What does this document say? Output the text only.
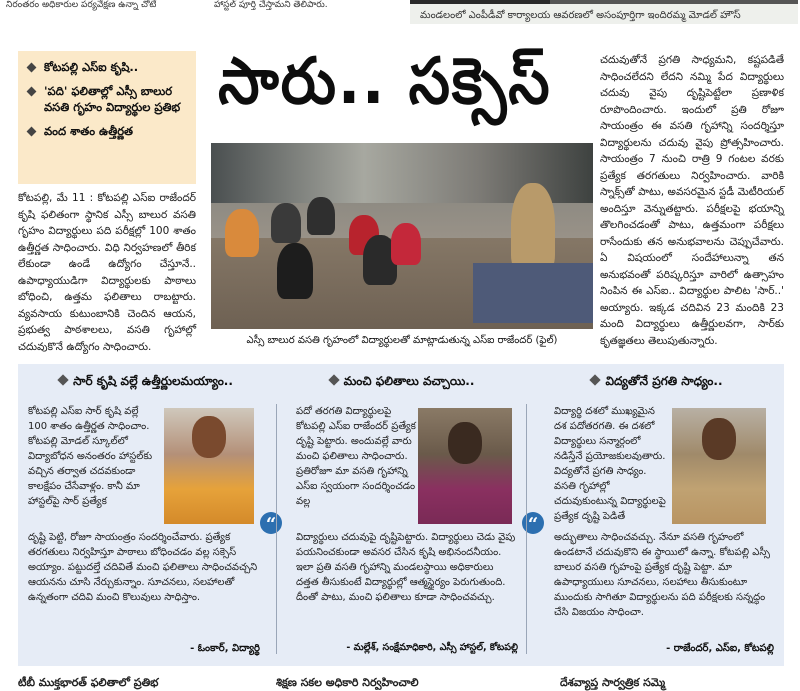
నిరంతరం అధికారుల పర్యవేక్షణ ఉన్నా చోటే	హాస్టల్ పూర్తి చేస్తామని తెలిపారు.
మండలంలో ఎంపీడీవో కార్యాలయ ఆవరణలో అసంపూర్తిగా ఇందిరమ్మ మోడల్ హౌస్
కోటపల్లి ఎస్‌ఐ కృషి..
'పది' ఫలితాల్లో ఎస్సీ బాలుర వసతి గృహం విద్యార్థుల ప్రతిభ
వంద శాతం ఉత్తీర్ణత
కోటపల్లి, మే 11 : కోటపల్లి ఎస్‌ఐ రాజేందర్ కృషి ఫలితంగా స్థానిక ఎస్సీ బాలుర వసతి గృహం విద్యార్థులు పది పరీక్షల్లో 100 శాతం ఉత్తీర్ణత సాధించారు. విధి నిర్వహణలో తీరిక లేకుండా ఉండే ఉద్యోగం చేస్తూనే.. ఉపాధ్యాయుడిగా విద్యార్థులకు పాఠాలు బోధించి, ఉత్తమ ఫలితాలు రాబట్టారు. వ్యవసాయ కుటుంబానికి చెందిన ఆయన, ప్రభుత్వ పాఠశాలలు, వసతి గృహాల్లో చదువుకొనే ఉద్యోగం సాధించారు.
సారు.. సక్సెస్
ఎస్సీ బాలుర వసతి గృహంలో విద్యార్థులతో మాట్లాడుతున్న ఎస్‌ఐ రాజేందర్ (ఫైల్)
చదువుతోనే ప్రగతి సాధ్యమని, కష్టపడితే సాధించలేదని లేదని నమ్మి పేద విద్యార్థులు చదువు వైపు దృష్టిపెట్టేలా ప్రణాళిక రూపొందించారు. ఇందులో ప్రతి రోజూ సాయంత్రం ఈ వసతి గృహాన్ని సందర్శిస్తూ విద్యార్థులను చదువు వైపు ప్రోత్సహించారు. సాయంత్రం 7 నుంచి రాత్రి 9 గంటల వరకు ప్రత్యేక తరగతులు నిర్వహించారు. వారికి స్నాక్స్‌తో పాటు, అవసరమైన స్టడీ మెటీరియల్ అందిస్తూ వెన్నుతట్టారు. పరీక్షలపై భయాన్ని తొలగించడంతో పాటు, ఉత్తమంగా పరీక్షలు రాసేందుకు తన అనుభవాలను చెప్పుచేవారు. ఏ విషయంలో సందేహాలున్నా తన అనుభవంతో పరిష్కరిస్తూ వారిలో ఉత్సాహం నింపిన ఈ ఎస్‌ఐ.. విద్యార్థుల పాలిట 'సార్..' అయ్యారు. ఇక్కడ చదివిన 23 మందికి 23 మంది విద్యార్థులు ఉత్తీర్ణులవగా, సార్‌కు కృతజ్ఞతలు తెలుపుతున్నారు.
సార్ కృషి వల్లే ఉత్తీర్ణులమయ్యాం..
కోటపల్లి ఎస్‌ఐ సార్ కృషి వల్లే 100 శాతం ఉత్తీర్ణత సాధించాం. కోటపల్లి మోడల్ స్కూల్‌లో విద్యాబోధన అనంతరం హాస్టల్‌కు వచ్చిన తర్వాత చదవకుండా కాలక్షేపం చేసేవాళ్లం. కానీ మా హాస్టల్‌పై సార్ ప్రత్యేక
“
దృష్టి పెట్టి, రోజూ సాయంత్రం సందర్శించేవారు. ప్రత్యేక తరగతులు నిర్వహిస్తూ పాఠాలు బోధించడం వల్ల సక్సెస్ అయ్యాం. పట్టుదల్తే చదివితే మంచి ఫలితాలు సాధించవచ్చని ఆయనను చూసి నేర్చుకున్నాం. సూచనలు, సలహాలతో ఉన్నతంగా చదివి మంచి కొలువులు సాధిస్తాం.
- ఓంకార్, విద్యార్థి
మంచి ఫలితాలు వచ్చాయి..
పదో తరగతి విద్యార్థులపై కోటపల్లి ఎస్‌ఐ రాజేందర్ ప్రత్యేక దృష్టి పెట్టారు. అందువల్లే వారు మంచి ఫలితాలు సాధించారు. ప్రతిరోజూ మా వసతి గృహాన్ని ఎస్‌ఐ స్వయంగా సందర్శించడం వల్ల
“
విద్యార్థులు చదువుపై దృష్టిపెట్టారు. విద్యార్థులు చెడు వైపు పయనించకుండా అవసర చేసిన కృషి అభినందనీయం. ఇలా ప్రతి వసతి గృహాన్ని మండలస్థాయి అధికారులు దత్తత తీసుకుంటే విద్యార్థుల్లో ఆత్మస్థైర్యం పెరుగుతుంది. దీంతో పాటు, మంచి ఫలితాలు కూడా సాధించవచ్చు.
- మల్లేశ్, సంక్షేమాధికారి, ఎస్సీ హాస్టల్, కోటపల్లి
విద్యతోనే ప్రగతి సాధ్యం..
విద్యార్థి దశలో ముఖ్యమైన దశ పదోతరగతి. ఈ దశలో విద్యార్థులు సన్మార్గంలో నడిస్తేనే ప్రయోజకులవుతారు. విద్యతోనే ప్రగతి సాధ్యం. వసతి గృహాల్లో చదువుకుంటున్న విద్యార్థులపై ప్రత్యేక దృష్టి పెడితే
అద్భుతాలు సాధించవచ్చు. నేనూ వసతి గృహంలో ఉండటానే చదువుకొని ఈ స్థాయిలో ఉన్నా. కోటపల్లి ఎస్సీ బాలుర వసతి గృహంపై ప్రత్యేక దృష్టి పెట్టా. మా ఉపాధ్యాయులు సూచనలు, సలహాలు తీసుకుంటూ ముందుకు సాగితూ విద్యార్థులను పది పరీక్షలకు సన్నద్ధం చేసి విజయం సాధించా.
- రాజేందర్, ఎస్‌ఐ, కోటపల్లి
టీబీ ముక్తభారత్ ఫలితాలో ప్రతిభ	శిక్షణ సకల అధికారి నిర్వహించాలి	దేశవ్యాప్త సార్వత్రిక సమ్మె
